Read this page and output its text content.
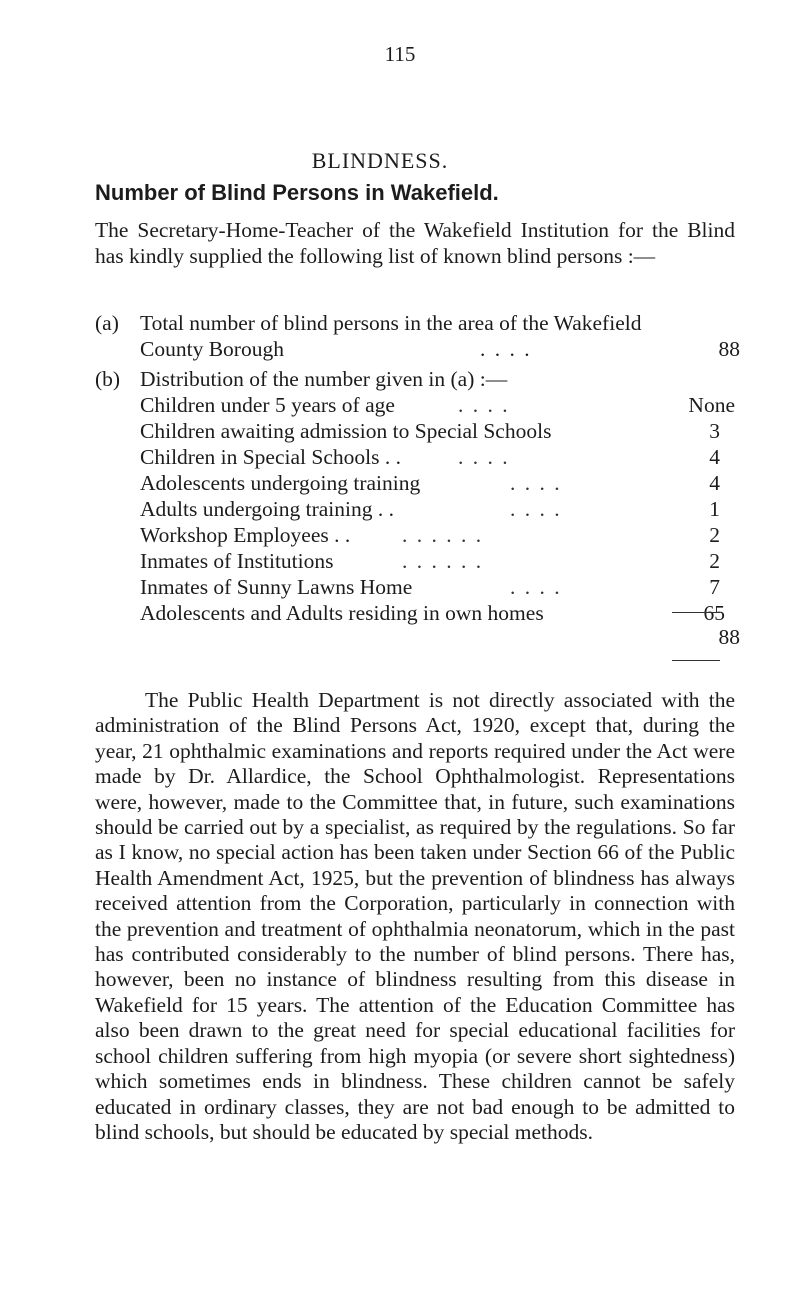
115
BLINDNESS.
Number of Blind Persons in Wakefield.
The Secretary-Home-Teacher of the Wakefield Institution for the Blind has kindly supplied the following list of known blind persons :—
(a) Total number of blind persons in the area of the Wakefield County Borough	. . . .	88
(b) Distribution of the number given in (a) :—
Children under 5 years of age	. . . .	None
Children awaiting admission to Special Schools	3
Children in Special Schools . .	. . . .	4
Adolescents undergoing training	. . . .	4
Adults undergoing training . .	. . . .	1
Workshop Employees . . . . . . . .	2
Inmates of Institutions	. . . . . .	2
Inmates of Sunny Lawns Home	. . . .	7
Adolescents and Adults residing in own homes	65
88
The Public Health Department is not directly associated with the administration of the Blind Persons Act, 1920, except that, during the year, 21 ophthalmic examinations and reports required under the Act were made by Dr. Allardice, the School Ophthalmologist. Representations were, however, made to the Committee that, in future, such examinations should be carried out by a specialist, as required by the regulations. So far as I know, no special action has been taken under Section 66 of the Public Health Amendment Act, 1925, but the prevention of blindness has always received attention from the Corporation, particularly in connection with the prevention and treatment of ophthalmia neonatorum, which in the past has contributed considerably to the number of blind persons. There has, however, been no instance of blindness resulting from this disease in Wakefield for 15 years. The attention of the Education Committee has also been drawn to the great need for special educational facilities for school children suffering from high myopia (or severe short sightedness) which sometimes ends in blindness. These children cannot be safely educated in ordinary classes, they are not bad enough to be admitted to blind schools, but should be educated by special methods.
